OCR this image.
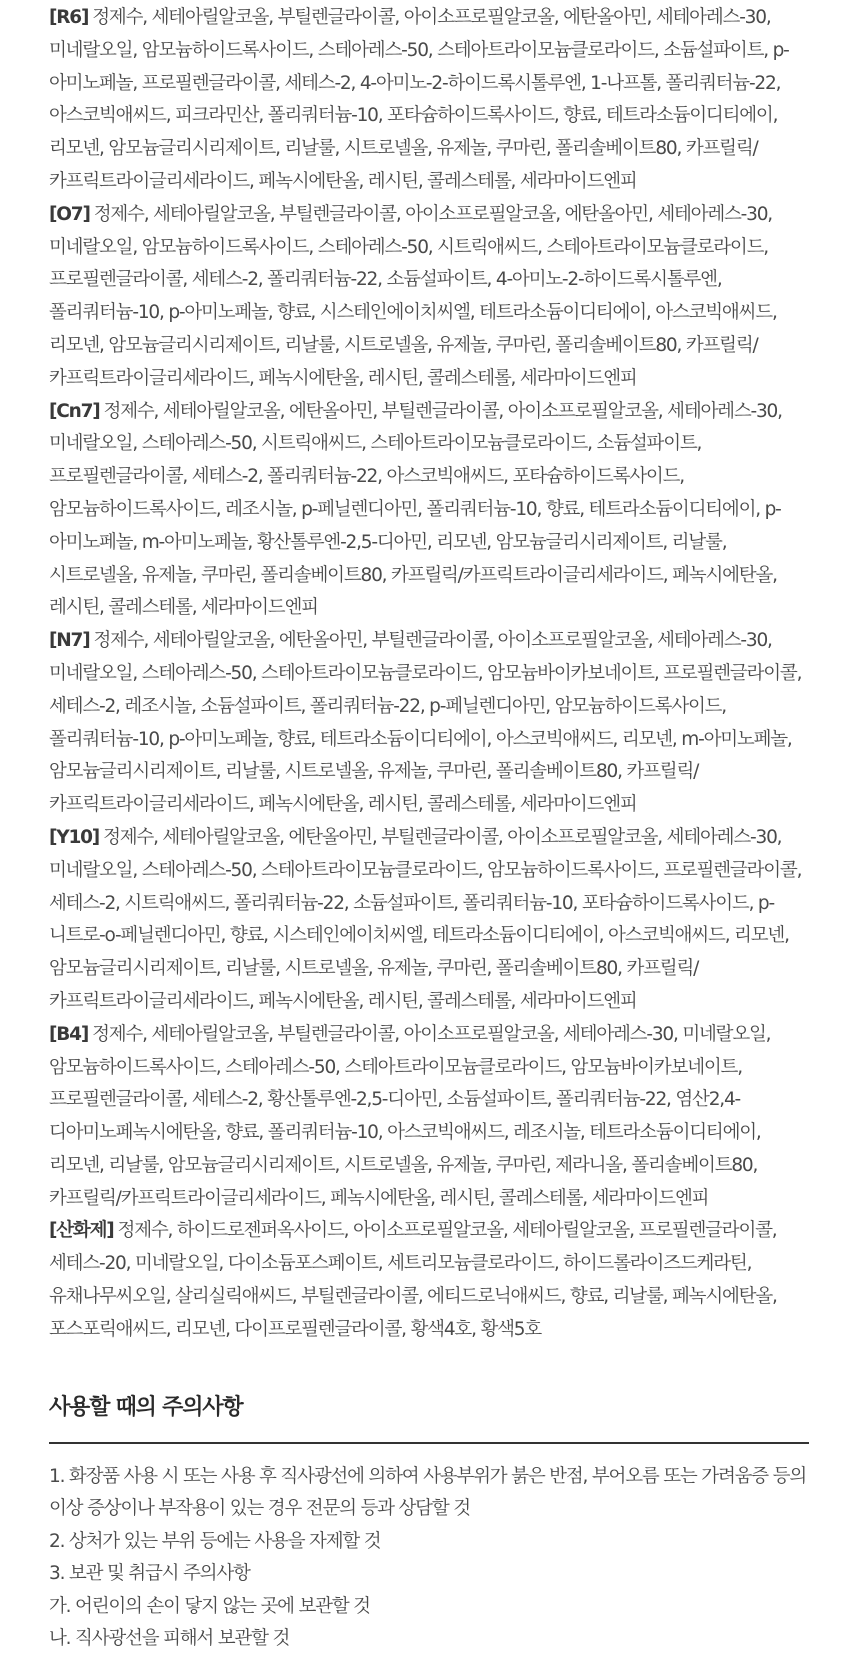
[R6] 정제수, 세테아릴알코올, 부틸렌글라이콜, 아이소프로필알코올, 에탄올아민, 세테아레스-30, 미네랄오일, 암모늄하이드록사이드, 스테아레스-50, 스테아트라이모늄클로라이드, 소듐설파이트, p-아미노페놀, 프로필렌글라이콜, 세테스-2, 4-아미노-2-하이드록시톨루엔, 1-나프톨, 폴리쿼터늄-22, 아스코빅애씨드, 피크라민산, 폴리쿼터늄-10, 포타슘하이드록사이드, 향료, 테트라소듐이디티에이, 리모넨, 암모늄글리시리제이트, 리날룰, 시트로넬올, 유제놀, 쿠마린, 폴리솔베이트80, 카프릴릭/카프릭트라이글리세라이드, 페녹시에탄올, 레시틴, 콜레스테롤, 세라마이드엔피

[O7] 정제수, 세테아릴알코올, 부틸렌글라이콜, 아이소프로필알코올, 에탄올아민, 세테아레스-30, 미네랄오일, 암모늄하이드록사이드, 스테아레스-50, 시트릭애씨드, 스테아트라이모늄클로라이드, 프로필렌글라이콜, 세테스-2, 폴리쿼터늄-22, 소듐설파이트, 4-아미노-2-하이드록시톨루엔, 폴리쿼터늄-10, p-아미노페놀, 향료, 시스테인에이치씨엘, 테트라소듐이디티에이, 아스코빅애씨드, 리모넨, 암모늄글리시리제이트, 리날룰, 시트로넬올, 유제놀, 쿠마린, 폴리솔베이트80, 카프릴릭/카프릭트라이글리세라이드, 페녹시에탄올, 레시틴, 콜레스테롤, 세라마이드엔피

[Cn7] 정제수, 세테아릴알코올, 에탄올아민, 부틸렌글라이콜, 아이소프로필알코올, 세테아레스-30, 미네랄오일, 스테아레스-50, 시트릭애씨드, 스테아트라이모늄클로라이드, 소듐설파이트, 프로필렌글라이콜, 세테스-2, 폴리쿼터늄-22, 아스코빅애씨드, 포타슘하이드록사이드, 암모늄하이드록사이드, 레조시놀, p-페닐렌디아민, 폴리쿼터늄-10, 향료, 테트라소듐이디티에이, p-아미노페놀, m-아미노페놀, 황산톨루엔-2,5-디아민, 리모넨, 암모늄글리시리제이트, 리날룰, 시트로넬올, 유제놀, 쿠마린, 폴리솔베이트80, 카프릴릭/카프릭트라이글리세라이드, 페녹시에탄올, 레시틴, 콜레스테롤, 세라마이드엔피

[N7] 정제수, 세테아릴알코올, 에탄올아민, 부틸렌글라이콜, 아이소프로필알코올, 세테아레스-30, 미네랄오일, 스테아레스-50, 스테아트라이모늄클로라이드, 암모늄바이카보네이트, 프로필렌글라이콜, 세테스-2, 레조시놀, 소듐설파이트, 폴리쿼터늄-22, p-페닐렌디아민, 암모늄하이드록사이드, 폴리쿼터늄-10, p-아미노페놀, 향료, 테트라소듐이디티에이, 아스코빅애씨드, 리모넨, m-아미노페놀, 암모늄글리시리제이트, 리날룰, 시트로넬올, 유제놀, 쿠마린, 폴리솔베이트80, 카프릴릭/카프릭트라이글리세라이드, 페녹시에탄올, 레시틴, 콜레스테롤, 세라마이드엔피

[Y10] 정제수, 세테아릴알코올, 에탄올아민, 부틸렌글라이콜, 아이소프로필알코올, 세테아레스-30, 미네랄오일, 스테아레스-50, 스테아트라이모늄클로라이드, 암모늄하이드록사이드, 프로필렌글라이콜, 세테스-2, 시트릭애씨드, 폴리쿼터늄-22, 소듐설파이트, 폴리쿼터늄-10, 포타슘하이드록사이드, p-니트로-o-페닐렌디아민, 향료, 시스테인에이치씨엘, 테트라소듐이디티에이, 아스코빅애씨드, 리모넨, 암모늄글리시리제이트, 리날룰, 시트로넬올, 유제놀, 쿠마린, 폴리솔베이트80, 카프릴릭/카프릭트라이글리세라이드, 페녹시에탄올, 레시틴, 콜레스테롤, 세라마이드엔피

[B4] 정제수, 세테아릴알코올, 부틸렌글라이콜, 아이소프로필알코올, 세테아레스-30, 미네랄오일, 암모늄하이드록사이드, 스테아레스-50, 스테아트라이모늄클로라이드, 암모늄바이카보네이트, 프로필렌글라이콜, 세테스-2, 황산톨루엔-2,5-디아민, 소듐설파이트, 폴리쿼터늄-22, 염산2,4-디아미노페녹시에탄올, 향료, 폴리쿼터늄-10, 아스코빅애씨드, 레조시놀, 테트라소듐이디티에이, 리모넨, 리날룰, 암모늄글리시리제이트, 시트로넬올, 유제놀, 쿠마린, 제라니올, 폴리솔베이트80, 카프릴릭/카프릭트라이글리세라이드, 페녹시에탄올, 레시틴, 콜레스테롤, 세라마이드엔피

[산화제] 정제수, 하이드로젠퍼옥사이드, 아이소프로필알코올, 세테아릴알코올, 프로필렌글라이콜, 세테스-20, 미네랄오일, 다이소듐포스페이트, 세트리모늄클로라이드, 하이드롤라이즈드케라틴, 유채나무씨오일, 살리실릭애씨드, 부틸렌글라이콜, 에티드로닉애씨드, 향료, 리날룰, 페녹시에탄올, 포스포릭애씨드, 리모넨, 다이프로필렌글라이콜, 황색4호, 황색5호

사용할 때의 주의사항

1. 화장품 사용 시 또는 사용 후 직사광선에 의하여 사용부위가 붉은 반점, 부어오름 또는 가려움증 등의 이상 증상이나 부작용이 있는 경우 전문의 등과 상담할 것

2. 상처가 있는 부위 등에는 사용을 자제할 것

3. 보관 및 취급시 주의사항

가. 어린이의 손이 닿지 않는 곳에 보관할 것

나. 직사광선을 피해서 보관할 것
